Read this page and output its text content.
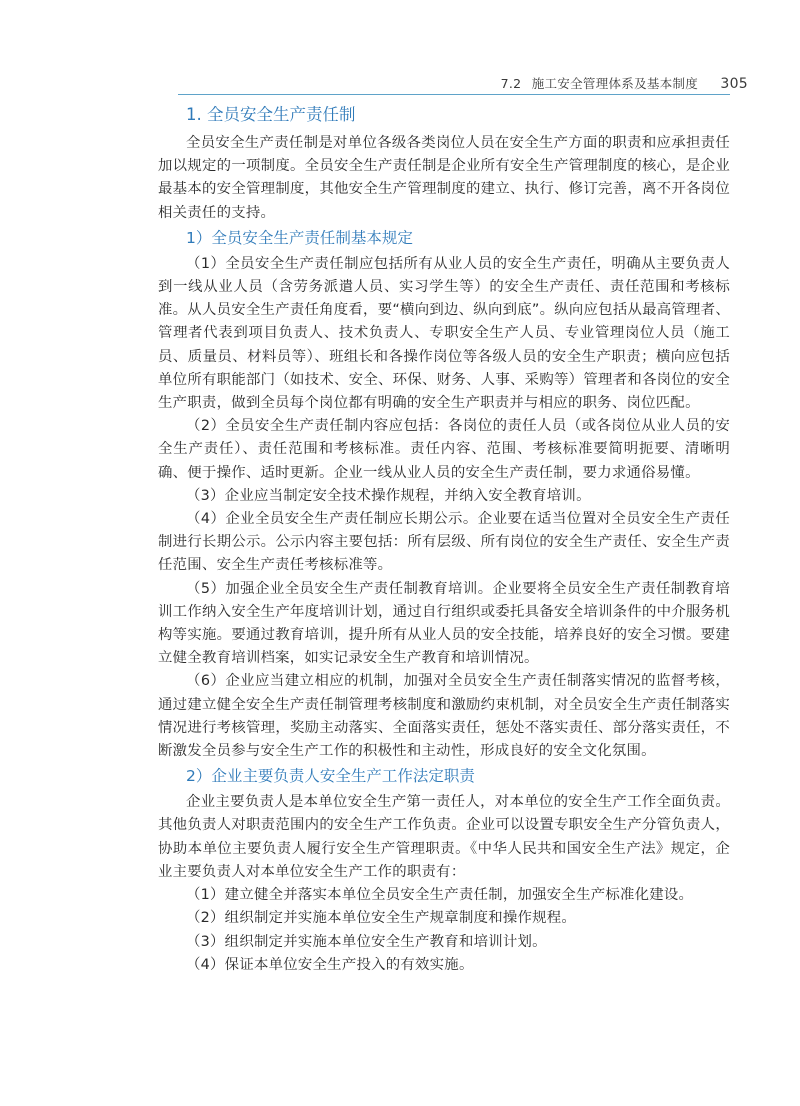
7.2 施工安全管理体系及基本制度 305
1. 全员安全生产责任制

全员安全生产责任制是对单位各级各类岗位人员在安全生产方面的职责和应承担责任加以规定的一项制度。全员安全生产责任制是企业所有安全生产管理制度的核心，是企业最基本的安全管理制度，其他安全生产管理制度的建立、执行、修订完善，离不开各岗位相关责任的支持。

1）全员安全生产责任制基本规定

（1）全员安全生产责任制应包括所有从业人员的安全生产责任，明确从主要负责人到一线从业人员（含劳务派遣人员、实习学生等）的安全生产责任、责任范围和考核标准。从人员安全生产责任角度看，要“横向到边、纵向到底”。纵向应包括从最高管理者、管理者代表到项目负责人、技术负责人、专职安全生产人员、专业管理岗位人员（施工员、质量员、材料员等）、班组长和各操作岗位等各级人员的安全生产职责；横向应包括单位所有职能部门（如技术、安全、环保、财务、人事、采购等）管理者和各岗位的安全生产职责，做到全员每个岗位都有明确的安全生产职责并与相应的职务、岗位匹配。

（2）全员安全生产责任制内容应包括：各岗位的责任人员（或各岗位从业人员的安全生产责任）、责任范围和考核标准。责任内容、范围、考核标准要简明扼要、清晰明确、便于操作、适时更新。企业一线从业人员的安全生产责任制，要力求通俗易懂。

（3）企业应当制定安全技术操作规程，并纳入安全教育培训。

（4）企业全员安全生产责任制应长期公示。企业要在适当位置对全员安全生产责任制进行长期公示。公示内容主要包括：所有层级、所有岗位的安全生产责任、安全生产责任范围、安全生产责任考核标准等。

（5）加强企业全员安全生产责任制教育培训。企业要将全员安全生产责任制教育培训工作纳入安全生产年度培训计划，通过自行组织或委托具备安全培训条件的中介服务机构等实施。要通过教育培训，提升所有从业人员的安全技能，培养良好的安全习惯。要建立健全教育培训档案，如实记录安全生产教育和培训情况。

（6）企业应当建立相应的机制，加强对全员安全生产责任制落实情况的监督考核，通过建立健全安全生产责任制管理考核制度和激励约束机制，对全员安全生产责任制落实情况进行考核管理，奖励主动落实、全面落实责任，惩处不落实责任、部分落实责任，不断激发全员参与安全生产工作的积极性和主动性，形成良好的安全文化氛围。

2）企业主要负责人安全生产工作法定职责

企业主要负责人是本单位安全生产第一责任人，对本单位的安全生产工作全面负责。其他负责人对职责范围内的安全生产工作负责。企业可以设置专职安全生产分管负责人，协助本单位主要负责人履行安全生产管理职责。《中华人民共和国安全生产法》规定，企业主要负责人对本单位安全生产工作的职责有：

（1）建立健全并落实本单位全员安全生产责任制，加强安全生产标准化建设。

（2）组织制定并实施本单位安全生产规章制度和操作规程。

（3）组织制定并实施本单位安全生产教育和培训计划。

（4）保证本单位安全生产投入的有效实施。
